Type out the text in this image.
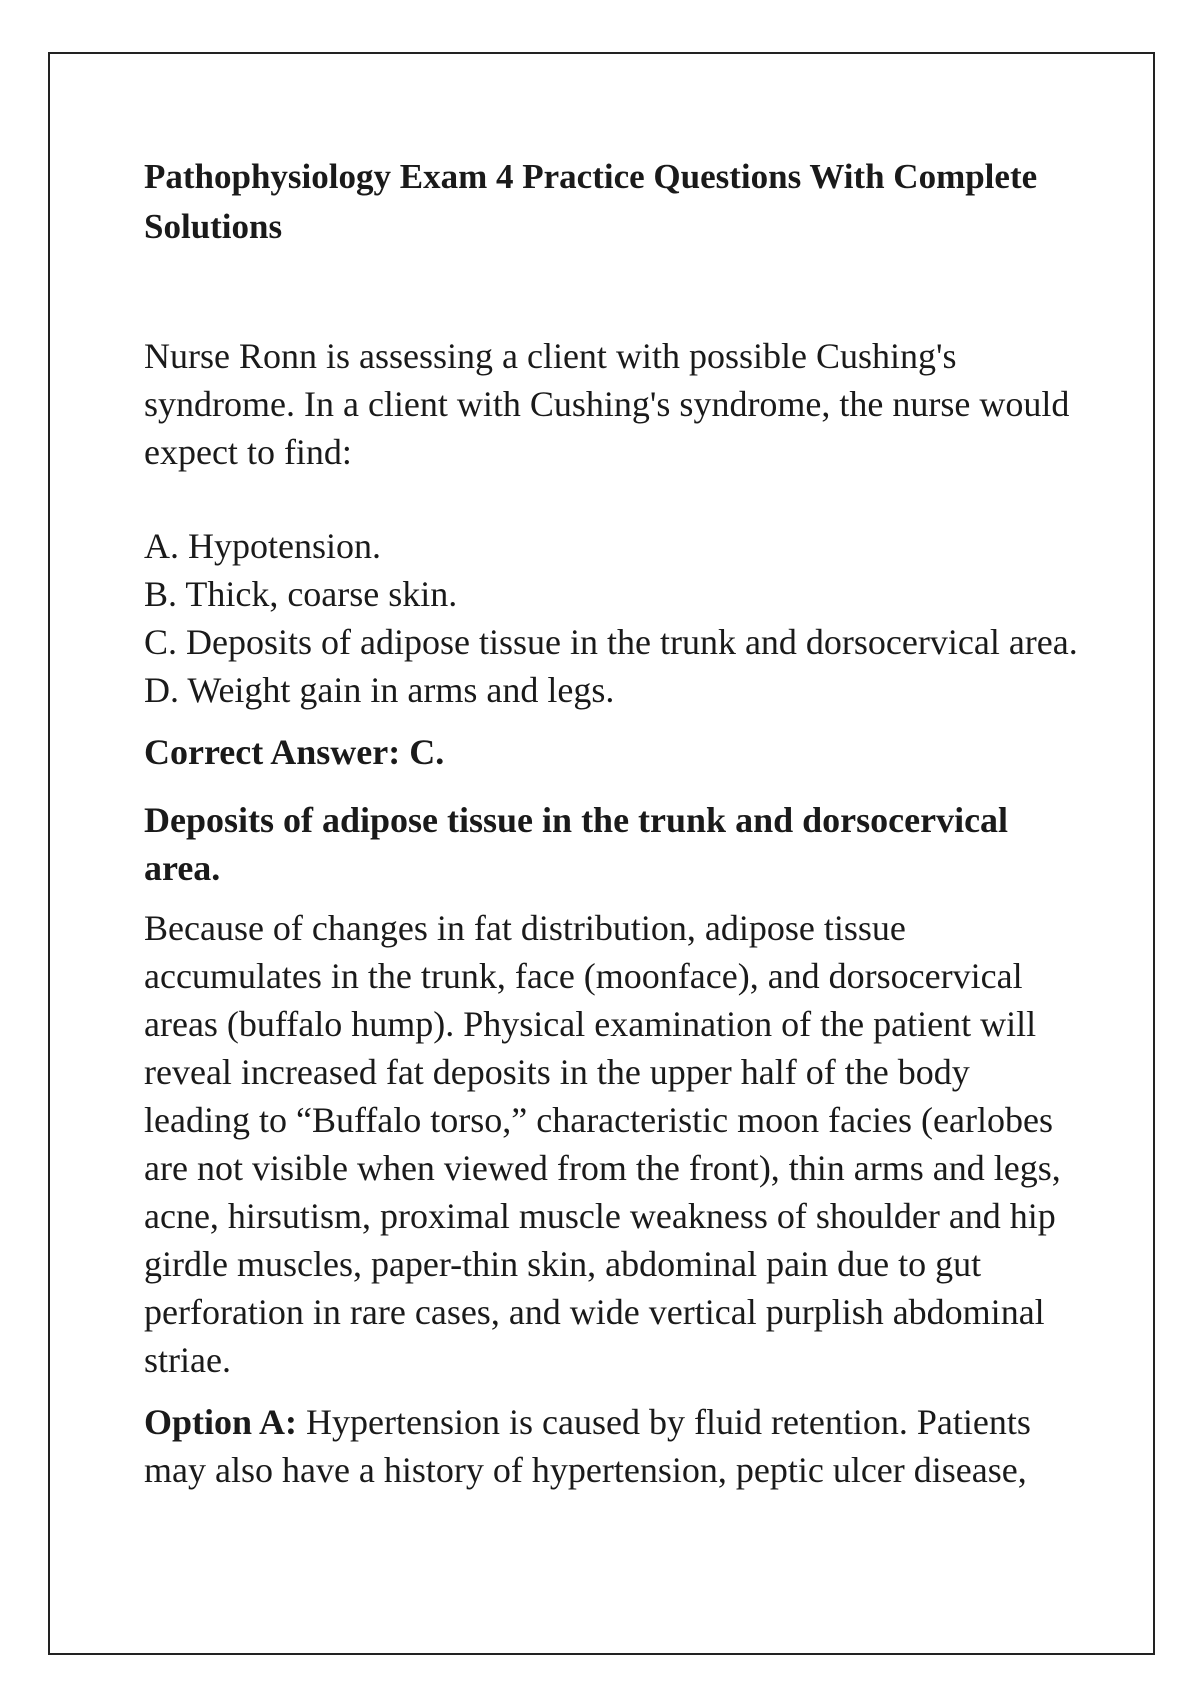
Pathophysiology Exam 4 Practice Questions With Complete Solutions

Nurse Ronn is assessing a client with possible Cushing's syndrome. In a client with Cushing's syndrome, the nurse would expect to find:

A. Hypotension.
B. Thick, coarse skin.
C. Deposits of adipose tissue in the trunk and dorsocervical area.
D. Weight gain in arms and legs.

Correct Answer: C.

Deposits of adipose tissue in the trunk and dorsocervical area.

Because of changes in fat distribution, adipose tissue accumulates in the trunk, face (moonface), and dorsocervical areas (buffalo hump). Physical examination of the patient will reveal increased fat deposits in the upper half of the body leading to “Buffalo torso,” characteristic moon facies (earlobes are not visible when viewed from the front), thin arms and legs, acne, hirsutism, proximal muscle weakness of shoulder and hip girdle muscles, paper-thin skin, abdominal pain due to gut perforation in rare cases, and wide vertical purplish abdominal striae.

Option A: Hypertension is caused by fluid retention. Patients may also have a history of hypertension, peptic ulcer disease,
